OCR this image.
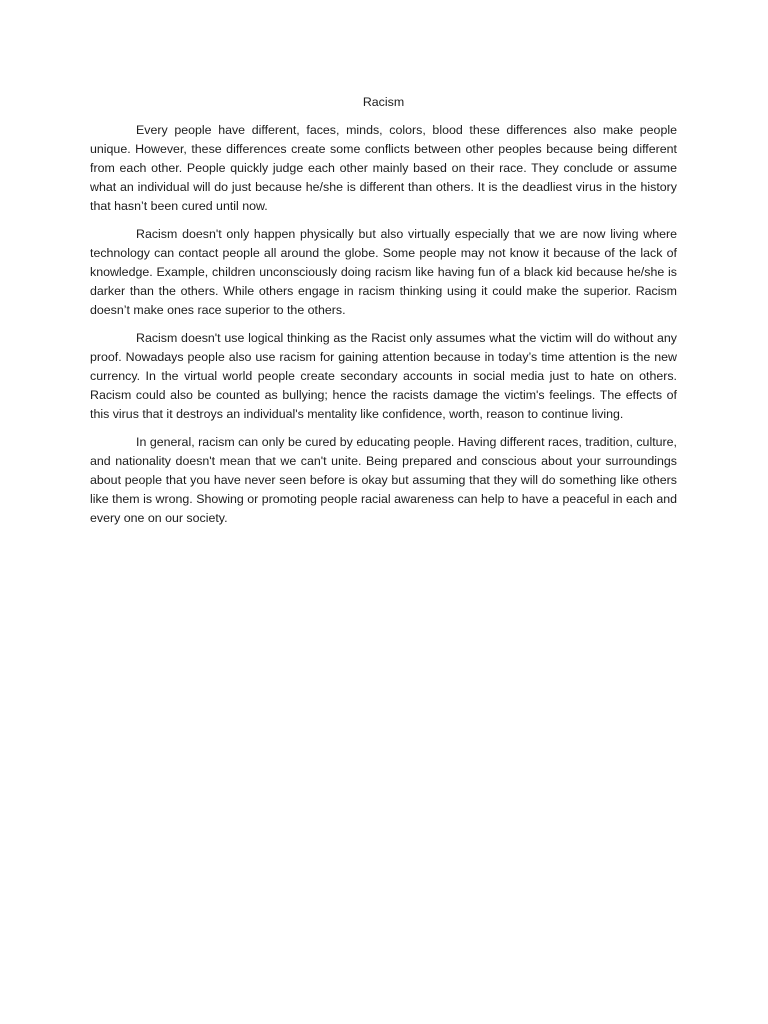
Racism

Every people have different, faces, minds, colors, blood these differences also make people unique. However, these differences create some conflicts between other peoples because being different from each other. People quickly judge each other mainly based on their race. They conclude or assume what an individual will do just because he/she is different than others. It is the deadliest virus in the history that hasn’t been cured until now.

Racism doesn't only happen physically but also virtually especially that we are now living where technology can contact people all around the globe. Some people may not know it because of the lack of knowledge. Example, children unconsciously doing racism like having fun of a black kid because he/she is darker than the others. While others engage in racism thinking using it could make the superior. Racism doesn’t make ones race superior to the others.

Racism doesn't use logical thinking as the Racist only assumes what the victim will do without any proof. Nowadays people also use racism for gaining attention because in today’s time attention is the new currency. In the virtual world people create secondary accounts in social media just to hate on others. Racism could also be counted as bullying; hence the racists damage the victim's feelings. The effects of this virus that it destroys an individual's mentality like confidence, worth, reason to continue living.

In general, racism can only be cured by educating people. Having different races, tradition, culture, and nationality doesn't mean that we can't unite. Being prepared and conscious about your surroundings about people that you have never seen before is okay but assuming that they will do something like others like them is wrong. Showing or promoting people racial awareness can help to have a peaceful in each and every one on our society.
